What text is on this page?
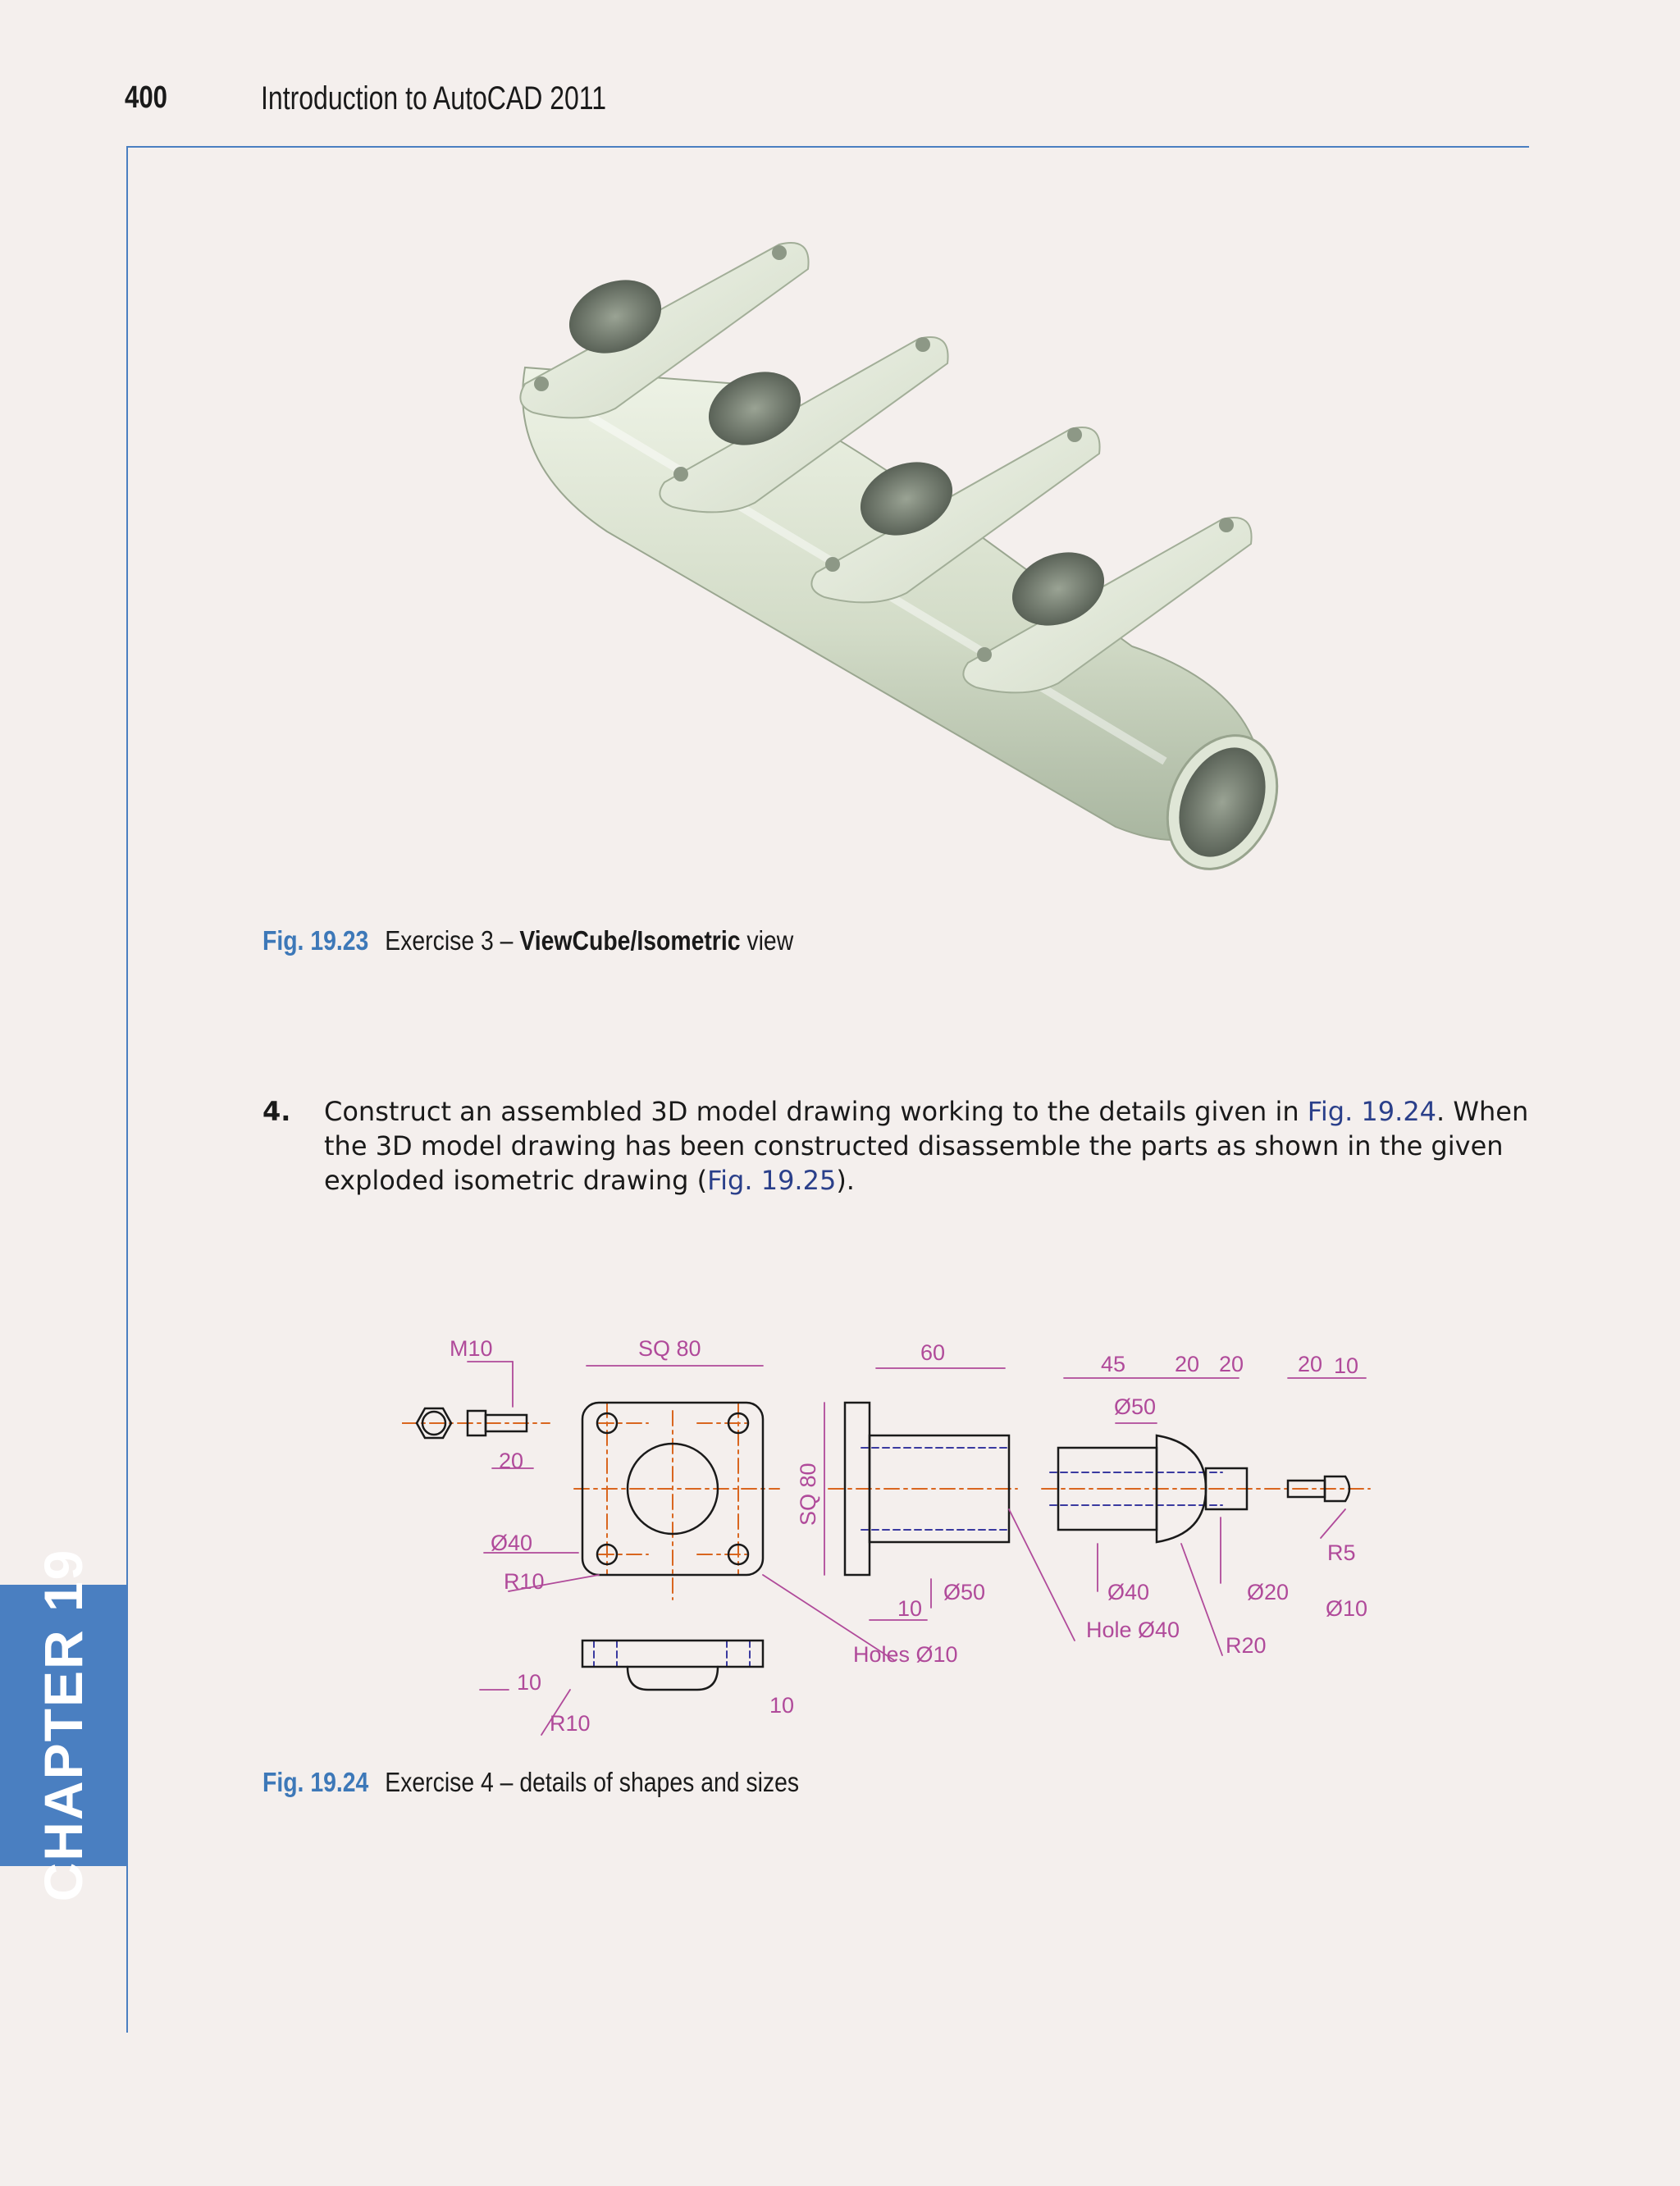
400	Introduction to AutoCAD 2011
CHAPTER 19
Fig. 19.23 Exercise 3 – ViewCube/Isometric view
4. Construct an assembled 3D model drawing working to the details given in Fig. 19.24. When the 3D model drawing has been constructed disassemble the parts as shown in the given exploded isometric drawing (Fig. 19.25).
M10	SQ 80
20
Ø40
R10
10
R10
10
SQ 80
60
10
Ø50
Holes Ø10
45 20 20
Ø50
Ø40
Hole Ø40
Ø20
R20
20 10
R5
Ø10
Fig. 19.24 Exercise 4 – details of shapes and sizes
